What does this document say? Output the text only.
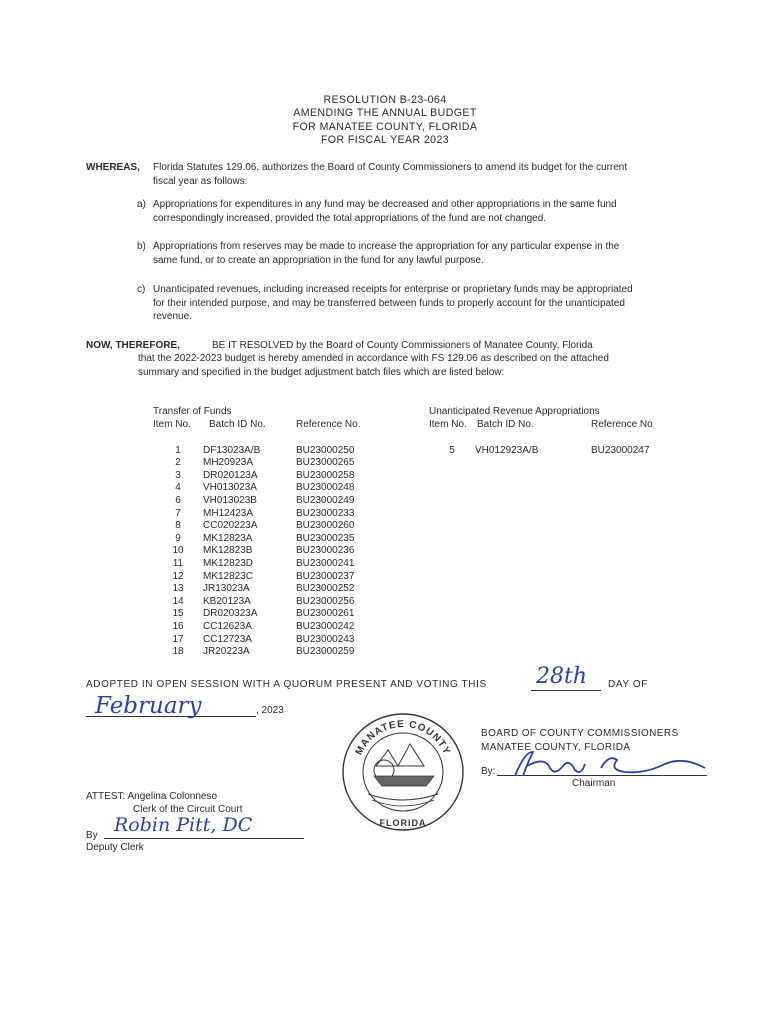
RESOLUTION B-23-064
AMENDING THE ANNUAL BUDGET
FOR MANATEE COUNTY, FLORIDA
FOR FISCAL YEAR 2023
WHEREAS, Florida Statutes 129.06, authorizes the Board of County Commissioners to amend its budget for the current
fiscal year as follows:
a) Appropriations for expenditures in any fund may be decreased and other appropriations in the same fund
correspondingly increased, provided the total appropriations of the fund are not changed.
b) Appropriations from reserves may be made to increase the appropriation for any particular expense in the
same fund, or to create an appropriation in the fund for any lawful purpose.
c) Unanticipated revenues, including increased receipts for enterprise or proprietary funds may be appropriated
for their intended purpose, and may be transferred between funds to properly account for the unanticipated
revenue.
NOW, THEREFORE,	BE IT RESOLVED by the Board of County Commissioners of Manatee County, Florida
that the 2022-2023 budget is hereby amended in accordance with FS 129.06 as described on the attached
summary and specified in the budget adjustment batch files which are listed below:
Transfer of Funds
Item No.	Batch ID No.	Reference No.
1	DF13023A/B	BU23000250
2	MH20923A	BU23000265
3	DR020123A	BU23000258
4	VH013023A	BU23000248
6	VH013023B	BU23000249
7	MH12423A	BU23000233
8	CC020223A	BU23000260
9	MK12823A	BU23000235
10	MK12823B	BU23000236
11	MK12823D	BU23000241
12	MK12823C	BU23000237
13	JR13023A	BU23000252
14	KB20123A	BU23000256
15	DR020323A	BU23000261
16	CC12623A	BU23000242
17	CC12723A	BU23000243
18	JR20223A	BU23000259
Unanticipated Revenue Appropriations
Item No.	Batch ID No.	Reference No
5	VH012923A/B	BU23000247
ADOPTED IN OPEN SESSION WITH A QUORUM PRESENT AND VOTING THIS 28th DAY OF
February	, 2023
MANATEE COUNTY
FLORIDA
BOARD OF COUNTY COMMISSIONERS
MANATEE COUNTY, FLORIDA
By:
Chairman
ATTEST: Angelina Colonneso
Clerk of the Circuit Court
By Robin Pitt, DC
Deputy Clerk
